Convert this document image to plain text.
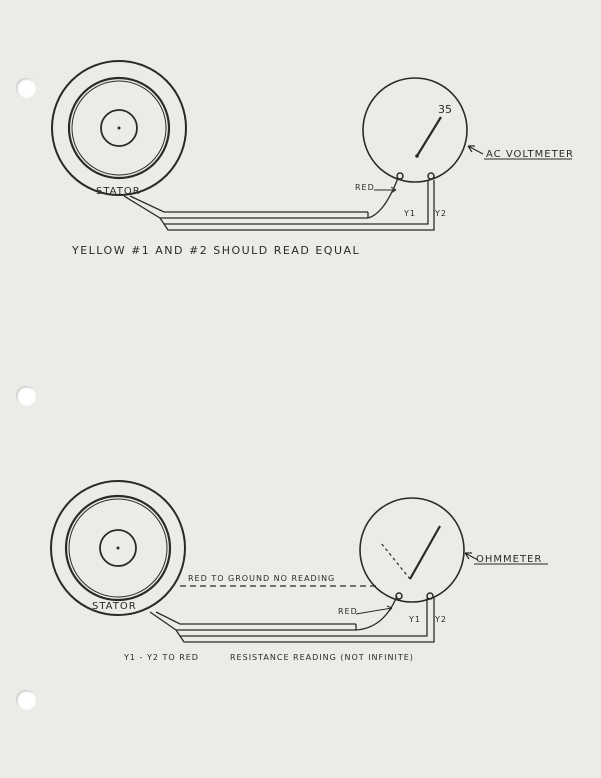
STATOR
35
AC VOLTMETER
RED
Y1 Y2
YELLOW #1 AND #2 SHOULD READ EQUAL
STATOR
RED TO GROUND NO READING
OHMMETER
RED
Y1 Y2
Y1 - Y2 TO RED	RESISTANCE READING (NOT INFINITE)
